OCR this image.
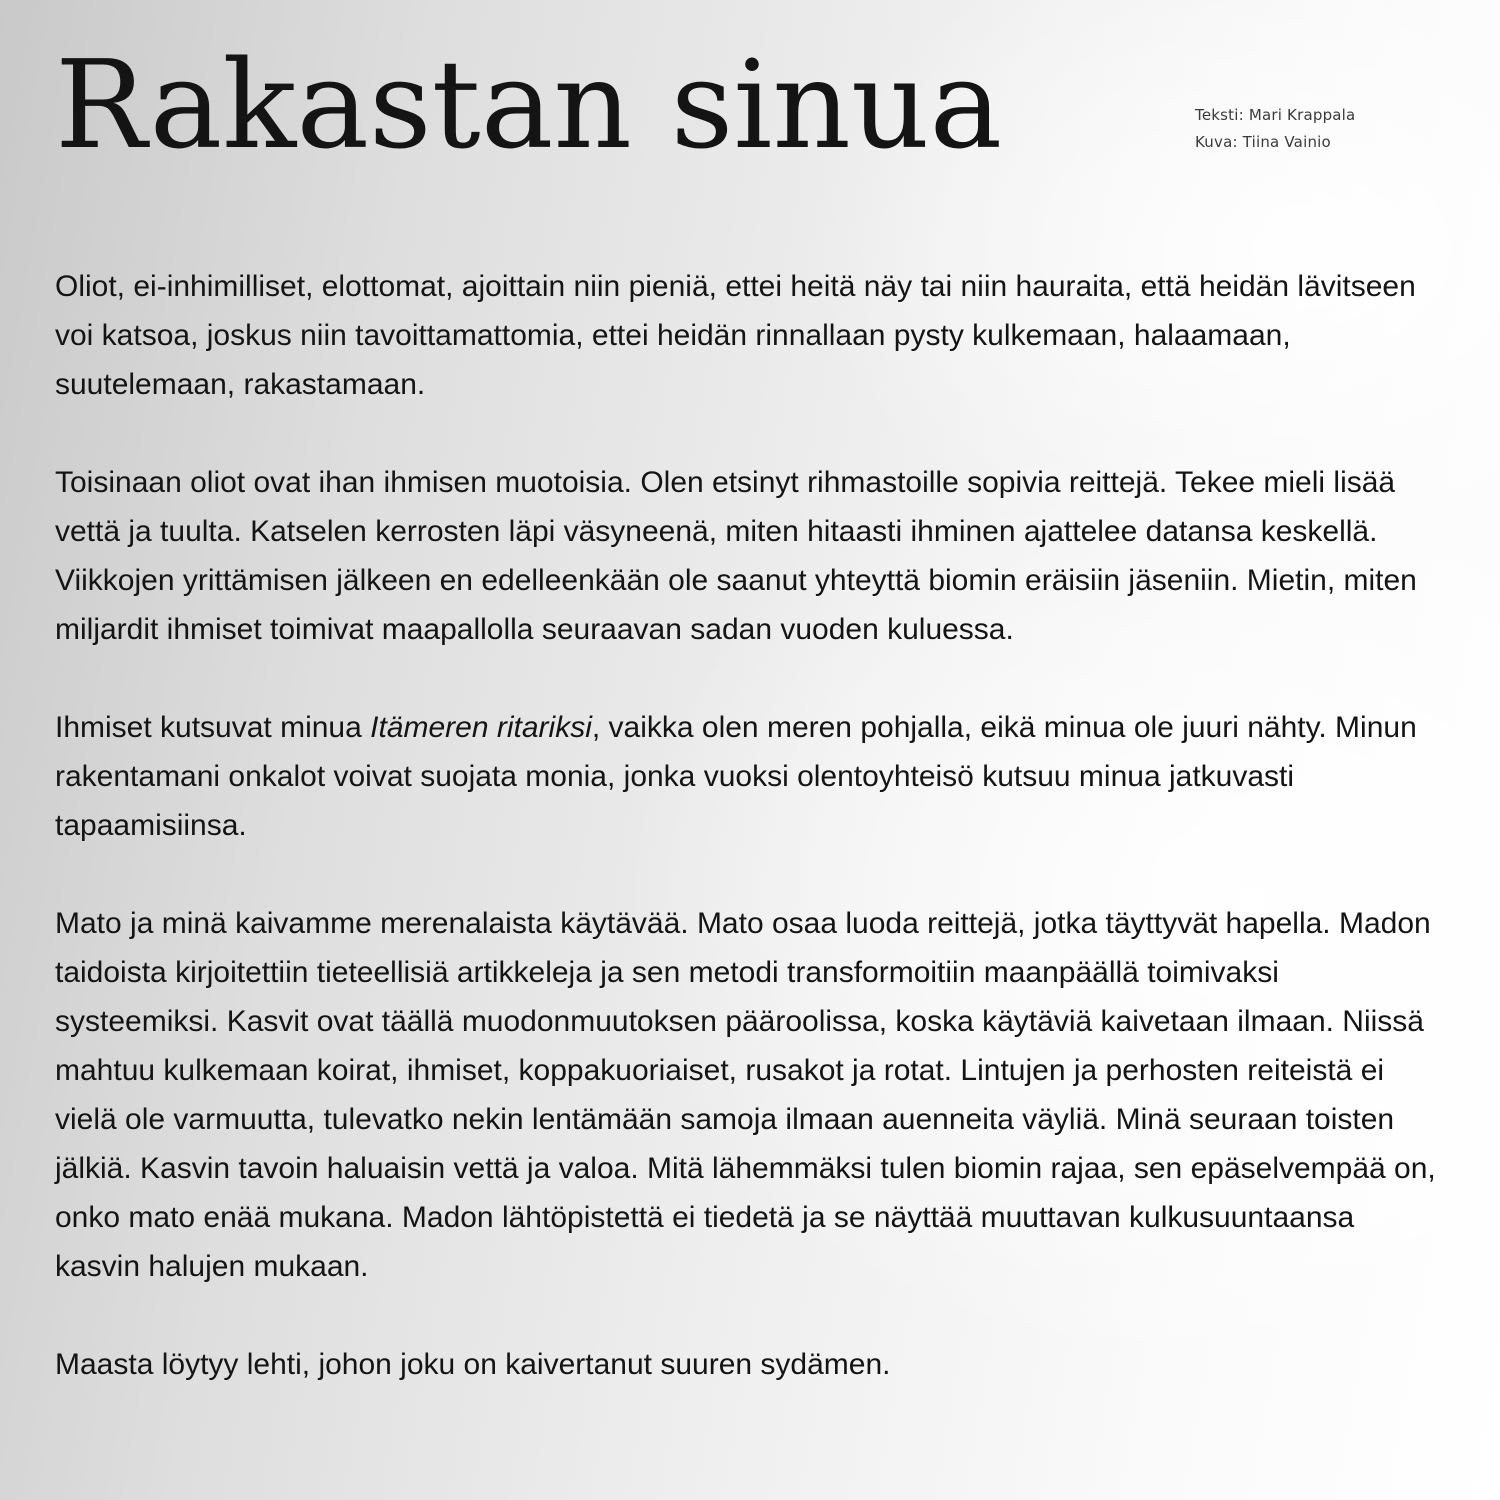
Rakastan sinua	Teksti: Mari Krappala
Kuva: Tiina Vainio

Oliot, ei-inhimilliset, elottomat, ajoittain niin pieniä, ettei heitä näy tai niin hauraita, että heidän lävitseen voi katsoa, joskus niin tavoittamattomia, ettei heidän rinnallaan pysty kulkemaan, halaamaan, suutelemaan, rakastamaan.

Toisinaan oliot ovat ihan ihmisen muotoisia. Olen etsinyt rihmastoille sopivia reittejä. Tekee mieli lisää vettä ja tuulta. Katselen kerrosten läpi väsyneenä, miten hitaasti ihminen ajattelee datansa keskellä. Viikkojen yrittämisen jälkeen en edelleenkään ole saanut yhteyttä biomin eräisiin jäseniin. Mietin, miten miljardit ihmiset toimivat maapallolla seuraavan sadan vuoden kuluessa.

Ihmiset kutsuvat minua Itämeren ritariksi, vaikka olen meren pohjalla, eikä minua ole juuri nähty. Minun rakentamani onkalot voivat suojata monia, jonka vuoksi olentoyhteisö kutsuu minua jatkuvasti tapaamisiinsa.

Mato ja minä kaivamme merenalaista käytävää. Mato osaa luoda reittejä, jotka täyttyvät hapella. Madon taidoista kirjoitettiin tieteellisiä artikkeleja ja sen metodi transformoitiin maanpäällä toimivaksi systeemiksi. Kasvit ovat täällä muodonmuutoksen pääroolissa, koska käytäviä kaivetaan ilmaan. Niissä mahtuu kulkemaan koirat, ihmiset, koppakuoriaiset, rusakot ja rotat. Lintujen ja perhosten reiteistä ei vielä ole varmuutta, tulevatko nekin lentämään samoja ilmaan auenneita väyliä. Minä seuraan toisten jälkiä. Kasvin tavoin haluaisin vettä ja valoa. Mitä lähemmäksi tulen biomin rajaa, sen epäselvempää on, onko mato enää mukana. Madon lähtöpistettä ei tiedetä ja se näyttää muuttavan kulkusuuntaansa kasvin halujen mukaan.

Maasta löytyy lehti, johon joku on kaivertanut suuren sydämen.
